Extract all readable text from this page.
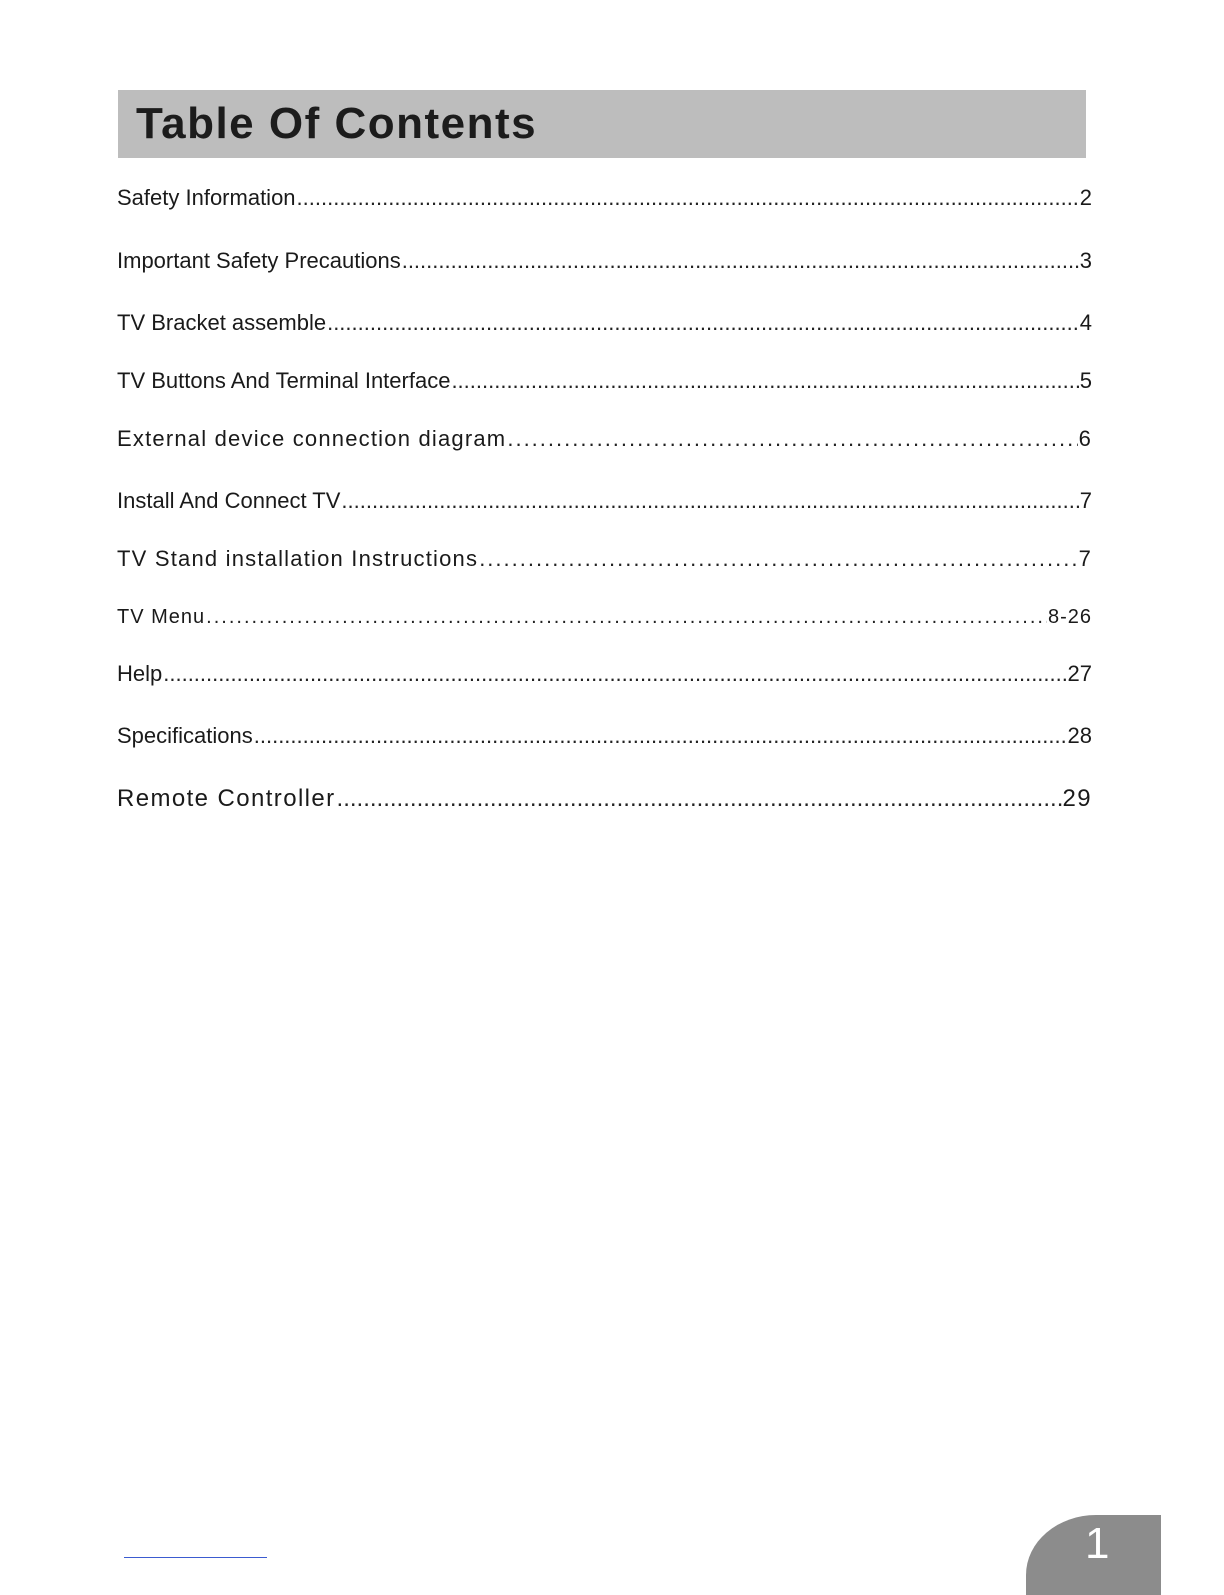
Table Of Contents
Safety Information .....	2
Important Safety Precautions .....	3
TV Bracket assemble .....	4
TV Buttons And Terminal Interface .....	5
External device connection diagram .....	6
Install And Connect TV .....	7
TV Stand installation Instructions .....	7
TV Menu .....	8-26
Help .....	27
Specifications .....	28
Remote Controller .....	29
1
